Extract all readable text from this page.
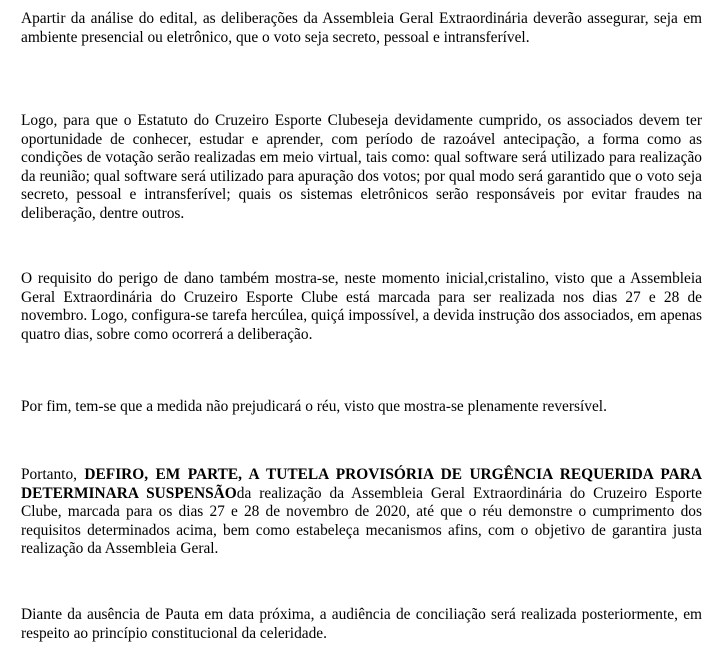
Apartir da análise do edital, as deliberações da Assembleia Geral Extraordinária deverão assegurar, seja em ambiente presencial ou eletrônico, que o voto seja secreto, pessoal e intransferível.

Logo, para que o Estatuto do Cruzeiro Esporte Clubeseja devidamente cumprido, os associados devem ter oportunidade de conhecer, estudar e aprender, com período de razoável antecipação, a forma como as condições de votação serão realizadas em meio virtual, tais como: qual software será utilizado para realização da reunião; qual software será utilizado para apuração dos votos; por qual modo será garantido que o voto seja secreto, pessoal e intransferível; quais os sistemas eletrônicos serão responsáveis por evitar fraudes na deliberação, dentre outros.

O requisito do perigo de dano também mostra-se, neste momento inicial,cristalino, visto que a Assembleia Geral Extraordinária do Cruzeiro Esporte Clube está marcada para ser realizada nos dias 27 e 28 de novembro. Logo, configura-se tarefa hercúlea, quiçá impossível, a devida instrução dos associados, em apenas quatro dias, sobre como ocorrerá a deliberação.

Por fim, tem-se que a medida não prejudicará o réu, visto que mostra-se plenamente reversível.

Portanto, DEFIRO, EM PARTE, A TUTELA PROVISÓRIA DE URGÊNCIA REQUERIDA PARA DETERMINARA SUSPENSÃOda realização da Assembleia Geral Extraordinária do Cruzeiro Esporte Clube, marcada para os dias 27 e 28 de novembro de 2020, até que o réu demonstre o cumprimento dos requisitos determinados acima, bem como estabeleça mecanismos afins, com o objetivo de garantira justa realização da Assembleia Geral.

Diante da ausência de Pauta em data próxima, a audiência de conciliação será realizada posteriormente, em respeito ao princípio constitucional da celeridade.
